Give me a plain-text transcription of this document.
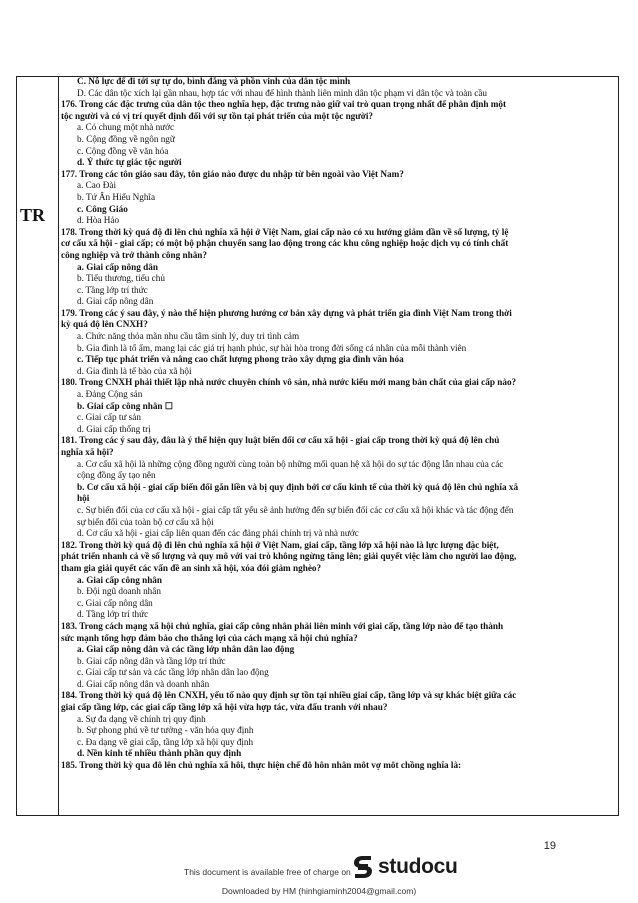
TR
C. Nỗ lực để đi tới sự tự do, bình đẳng và phồn vinh của dân tộc mình
D. Các dân tộc xích lại gần nhau, hợp tác với nhau để hình thành liên minh dân tộc phạm vi dân tộc và toàn cầu
176. Trong các đặc trưng của dân tộc theo nghĩa hẹp, đặc trưng nào giữ vai trò quan trọng nhất để phân định một
tộc người và có vị trí quyết định đối với sự tồn tại phát triển của một tộc người?
a. Có chung một nhà nước
b. Cộng đồng về ngôn ngữ
c. Cộng đồng về văn hóa
d. Ý thức tự giác tộc người
177. Trong các tôn giáo sau đây, tôn giáo nào được du nhập từ bên ngoài vào Việt Nam?
a. Cao Đài
b. Tứ Ân Hiếu Nghĩa
c. Công Giáo
d. Hòa Hảo
178. Trong thời kỳ quá độ đi lên chủ nghĩa xã hội ở Việt Nam, giai cấp nào có xu hướng giảm dần về số lượng, tỷ lệ
cơ cấu xã hội - giai cấp; có một bộ phận chuyển sang lao động trong các khu công nghiệp hoặc dịch vụ có tính chất
công nghiệp và trở thành công nhân?
a. Giai cấp nông dân
b. Tiểu thương, tiểu chủ
c. Tầng lớp trí thức
d. Giai cấp nông dân
179. Trong các ý sau đây, ý nào thể hiện phương hướng cơ bản xây dựng và phát triển gia đình Việt Nam trong thời
kỳ quá độ lên CNXH?
a. Chức năng thỏa mãn nhu cầu tâm sinh lý, duy trì tình cảm
b. Gia đình là tổ ấm, mang lại các giá trị hạnh phúc, sự hài hòa trong đời sống cá nhân của mỗi thành viên
c. Tiếp tục phát triển và nâng cao chất lượng phong trào xây dựng gia đình văn hóa
d. Gia đình là tế bào của xã hội
180. Trong CNXH phải thiết lập nhà nước chuyên chính vô sản, nhà nước kiểu mới mang bản chất của giai cấp nào?
a. Đảng Cộng sản
b. Giai cấp công nhân ☐
c. Giai cấp tư sản
d. Giai cấp thống trị
181. Trong các ý sau đây, đâu là ý thể hiện quy luật biến đổi cơ cấu xã hội - giai cấp trong thời kỳ quá độ lên chủ
nghĩa xã hội?
a. Cơ cấu xã hội là những cộng đồng người cùng toàn bộ những mối quan hệ xã hội do sự tác động lẫn nhau của các
cộng đồng ấy tạo nên
b. Cơ cấu xã hội - giai cấp biến đổi gắn liền và bị quy định bởi cơ cấu kinh tế của thời kỳ quá độ lên chủ nghĩa xã
hội
c. Sự biến đổi của cơ cấu xã hội - giai cấp tất yếu sẽ ảnh hưởng đến sự biến đổi các cơ cấu xã hội khác và tác động đến
sự biến đổi của toàn bộ cơ cấu xã hội
d. Cơ cấu xã hội - giai cấp liên quan đến các đảng phái chính trị và nhà nước
182. Trong thời kỳ quá độ đi lên chủ nghĩa xã hội ở Việt Nam, giai cấp, tầng lớp xã hội nào là lực lượng đặc biệt,
phát triển nhanh cả về số lượng và quy mô với vai trò không ngừng tăng lên; giải quyết việc làm cho người lao động,
tham gia giải quyết các vấn đề an sinh xã hội, xóa đói giảm nghèo?
a. Giai cấp công nhân
b. Đội ngũ doanh nhân
c. Giai cấp nông dân
d. Tầng lớp trí thức
183. Trong cách mạng xã hội chủ nghĩa, giai cấp công nhân phải liên minh với giai cấp, tầng lớp nào để tạo thành
sức mạnh tổng hợp đảm bảo cho thắng lợi của cách mạng xã hội chủ nghĩa?
a. Giai cấp nông dân và các tầng lớp nhân dân lao động
b. Giai cấp nông dân và tầng lớp trí thức
c. Giai cấp tư sản và các tầng lớp nhân dân lao động
d. Giai cấp nông dân và doanh nhân
184. Trong thời kỳ quá độ lên CNXH, yếu tố nào quy định sự tồn tại nhiều giai cấp, tầng lớp và sự khác biệt giữa các
giai cấp tầng lớp, các giai cấp tầng lớp xã hội vừa hợp tác, vừa đấu tranh với nhau?
a. Sự đa dạng về chính trị quy định
b. Sự phong phú về tư tưởng - văn hóa quy định
c. Đa dạng về giai cấp, tầng lớp xã hội quy định
d. Nền kinh tế nhiều thành phần quy định
185. Trong thời kỳ qua đô lên chủ nghĩa xã hôi, thực hiện chế đô hôn nhân môt vợ môt chồng nghĩa là:
19
This document is available free of charge on studocu
Downloaded by HM (hinhgiaminh2004@gmail.com)
